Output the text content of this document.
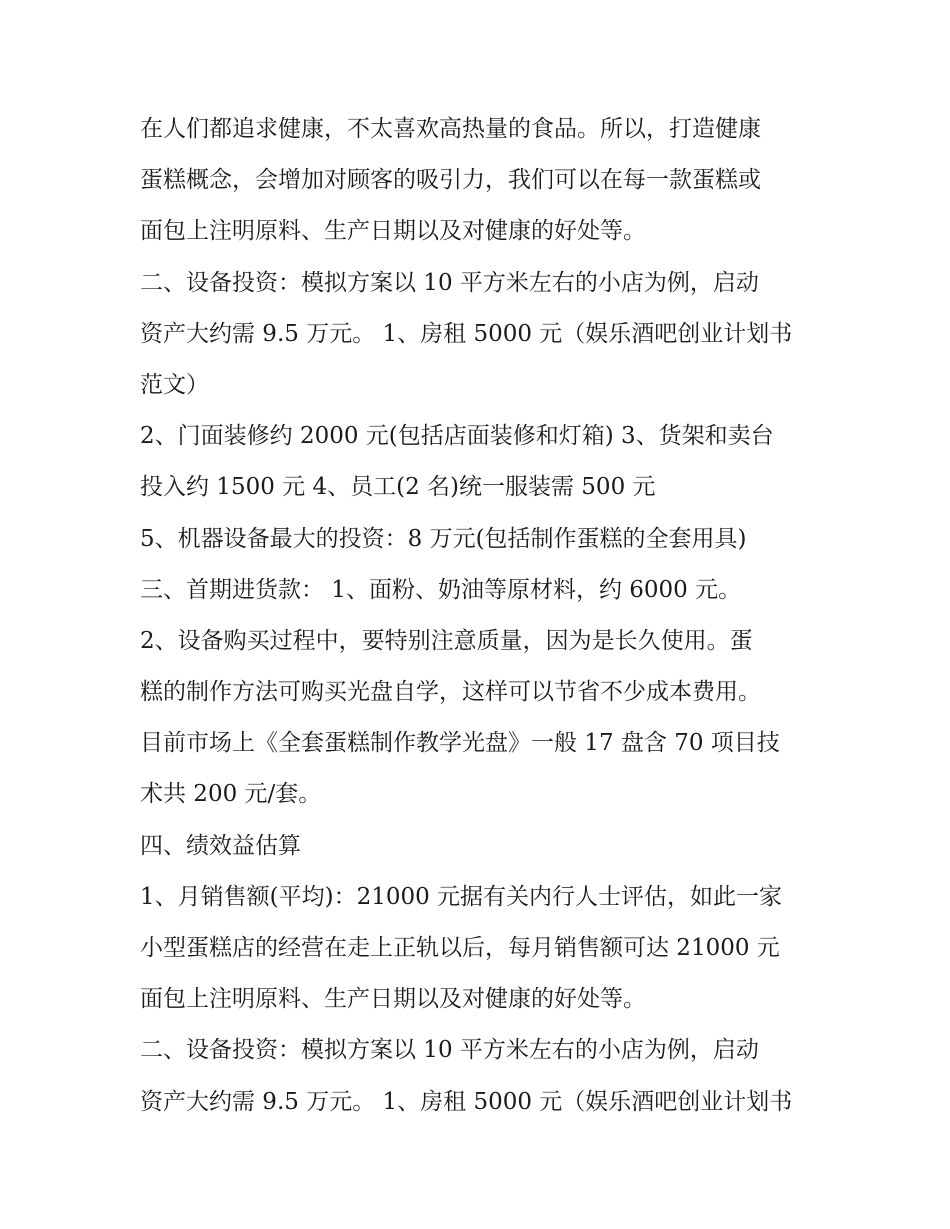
在人们都追求健康，不太喜欢高热量的食品。所以，打造健康
蛋糕概念，会增加对顾客的吸引力，我们可以在每一款蛋糕或
面包上注明原料、生产日期以及对健康的好处等。
二、设备投资：模拟方案以 10 平方米左右的小店为例，启动
资产大约需 9.5 万元。 1、房租 5000 元（娱乐酒吧创业计划书
范文）
2、门面装修约 2000 元(包括店面装修和灯箱) 3、货架和卖台
投入约 1500 元 4、员工(2 名)统一服装需 500 元
5、机器设备最大的投资：8 万元(包括制作蛋糕的全套用具)
三、首期进货款： 1、面粉、奶油等原材料，约 6000 元。
2、设备购买过程中，要特别注意质量，因为是长久使用。蛋
糕的制作方法可购买光盘自学，这样可以节省不少成本费用。
目前市场上《全套蛋糕制作教学光盘》一般 17 盘含 70 项目技
术共 200 元/套。
四、绩效益估算
1、月销售额(平均)：21000 元据有关内行人士评估，如此一家
小型蛋糕店的经营在走上正轨以后，每月销售额可达 21000 元
面包上注明原料、生产日期以及对健康的好处等。
二、设备投资：模拟方案以 10 平方米左右的小店为例，启动
资产大约需 9.5 万元。 1、房租 5000 元（娱乐酒吧创业计划书
